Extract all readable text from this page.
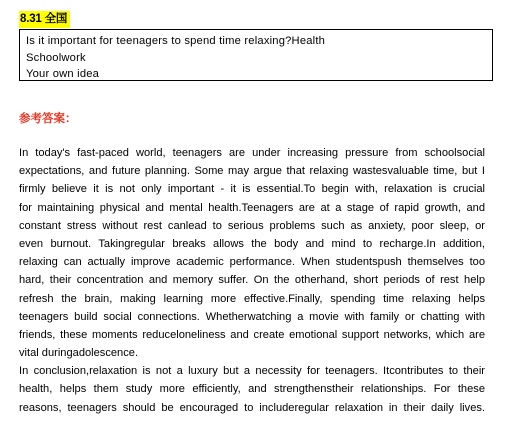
8.31 全国
Is it important for teenagers to spend time relaxing?Health
Schoolwork
Your own idea
参考答案：
In today's fast-paced world, teenagers are under increasing pressure from schoolsocial
expectations, and future planning. Some may argue that relaxing wastesvaluable time, but I
firmly believe it is not only important - it is essential.To begin with, relaxation is crucial
for maintaining physical and mental health.Teenagers are at a stage of rapid growth, and
constant stress without rest canlead to serious problems such as anxiety, poor sleep, or
even burnout. Takingregular breaks allows the body and mind to recharge.In addition,
relaxing can actually improve academic performance. When studentspush themselves too
hard, their concentration and memory suffer. On the otherhand, short periods of rest help
refresh the brain, making learning more effective.Finally, spending time relaxing helps
teenagers build social connections. Whetherwatching a movie with family or chatting with
friends, these moments reduceloneliness and create emotional support networks, which are
vital duringadolescence.
In conclusion,relaxation is not a luxury but a necessity for teenagers. Itcontributes to their
health, helps them study more efficiently, and strengthenstheir relationships. For these
reasons, teenagers should be encouraged to includeregular relaxation in their daily lives.
